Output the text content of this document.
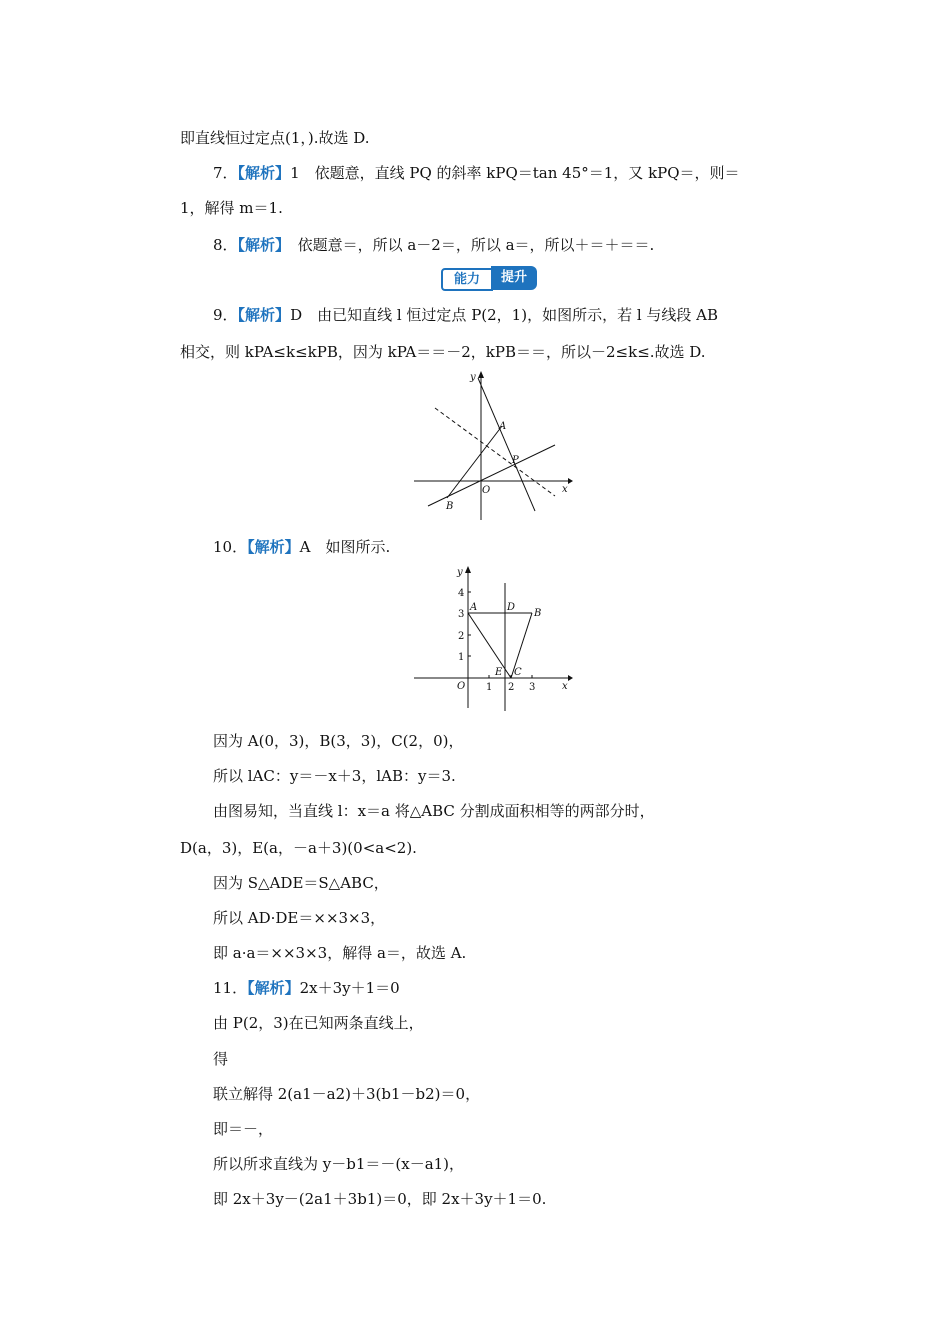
即直线恒过定点(1，).故选 D.
7．【解析】1　依题意，直线 PQ 的斜率 kPQ＝tan 45°＝1，又 kPQ＝，则＝
1，解得 m＝1.
8．【解析】　依题意＝，所以 a－2＝，所以 a＝，所以＋＝＋＝＝.
能力	提升
9．【解析】D　由已知直线 l 恒过定点 P(2，1)，如图所示，若 l 与线段 AB
相交，则 kPA≤k≤kPB，因为 kPA＝＝－2，kPB＝＝，所以－2≤k≤.故选 D.
y
x
O
A
P
B
10．【解析】A　如图所示.
y
x
O
A	D
B
E C
4
3
2
1
1 2 3
因为 A(0，3)，B(3，3)，C(2，0)，
所以 lAC：y＝－x＋3，lAB：y＝3.
由图易知，当直线 l：x＝a 将△ABC 分割成面积相等的两部分时，
D(a，3)，E(a，－a＋3)(0<a<2).
因为 S△ADE＝S△ABC，
所以 AD·DE＝××3×3，
即 a·a＝××3×3，解得 a＝，故选 A.
11．【解析】2x＋3y＋1＝0
由 P(2，3)在已知两条直线上，
得
联立解得 2(a1－a2)＋3(b1－b2)＝0，
即＝－，
所以所求直线为 y－b1＝－(x－a1)，
即 2x＋3y－(2a1＋3b1)＝0，即 2x＋3y＋1＝0.
